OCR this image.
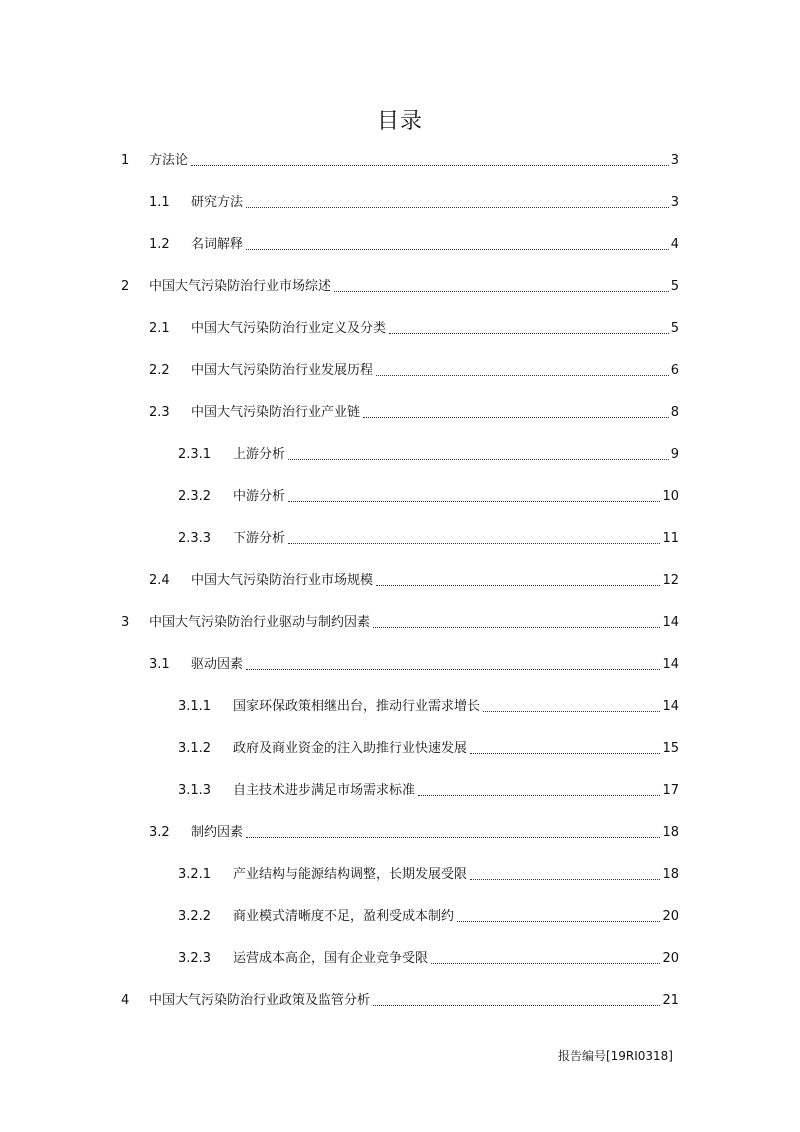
目录
1	方法论	3
1.1	研究方法	3
1.2	名词解释	4
2	中国大气污染防治行业市场综述	5
2.1	中国大气污染防治行业定义及分类	5
2.2	中国大气污染防治行业发展历程	6
2.3	中国大气污染防治行业产业链	8
2.3.1	上游分析	9
2.3.2	中游分析	10
2.3.3	下游分析	11
2.4	中国大气污染防治行业市场规模	12
3	中国大气污染防治行业驱动与制约因素	14
3.1	驱动因素	14
3.1.1	国家环保政策相继出台，推动行业需求增长	14
3.1.2	政府及商业资金的注入助推行业快速发展	15
3.1.3	自主技术进步满足市场需求标准	17
3.2	制约因素	18
3.2.1	产业结构与能源结构调整，长期发展受限	18
3.2.2	商业模式清晰度不足，盈利受成本制约	20
3.2.3	运营成本高企，国有企业竞争受限	20
4	中国大气污染防治行业政策及监管分析	21
报告编号[19RI0318]
